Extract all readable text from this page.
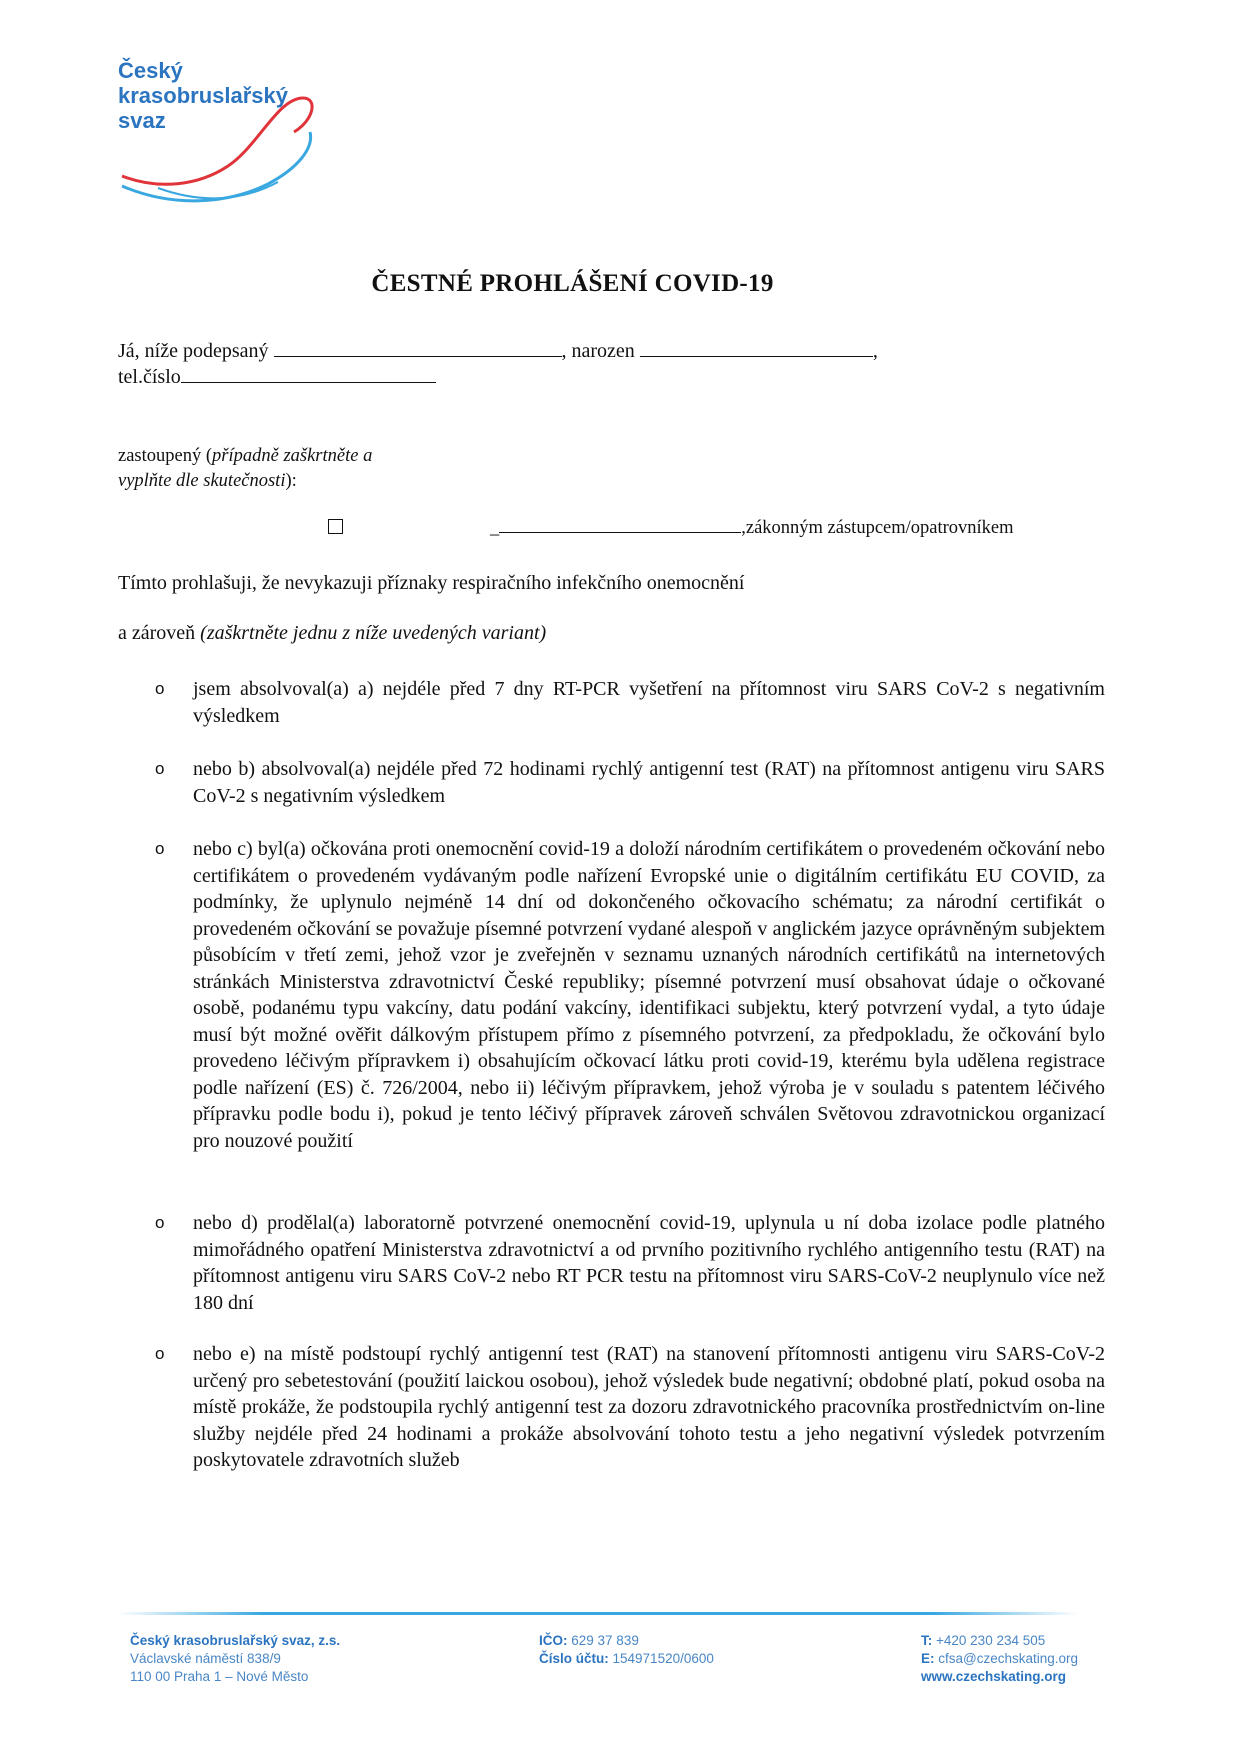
Český
krasobruslařský
svaz
ČESTNÉ PROHLÁŠENÍ COVID-19
Já, níže podepsaný	, narozen	,
tel.číslo
zastoupený (případně zaškrtněte a
vyplňte dle skutečnosti):
_	,zákonným zástupcem/opatrovníkem
Tímto prohlašuji, že nevykazuji příznaky respiračního infekčního onemocnění
a zároveň (zaškrtněte jednu z níže uvedených variant)
o jsem absolvoval(a) a) nejdéle před 7 dny RT-PCR vyšetření na přítomnost viru SARS CoV-2 s negativním výsledkem
o nebo b) absolvoval(a) nejdéle před 72 hodinami rychlý antigenní test (RAT) na přítomnost antigenu viru SARS CoV-2 s negativním výsledkem
o nebo c) byl(a) očkována proti onemocnění covid-19 a doloží národním certifikátem o provedeném očkování nebo certifikátem o provedeném vydávaným podle nařízení Evropské unie o digitálním certifikátu EU COVID, za podmínky, že uplynulo nejméně 14 dní od dokončeného očkovacího schématu; za národní certifikát o provedeném očkování se považuje písemné potvrzení vydané alespoň v anglickém jazyce oprávněným subjektem působícím v třetí zemi, jehož vzor je zveřejněn v seznamu uznaných národních certifikátů na internetových stránkách Ministerstva zdravotnictví České republiky; písemné potvrzení musí obsahovat údaje o očkované osobě, podanému typu vakcíny, datu podání vakcíny, identifikaci subjektu, který potvrzení vydal, a tyto údaje musí být možné ověřit dálkovým přístupem přímo z písemného potvrzení, za předpokladu, že očkování bylo provedeno léčivým přípravkem i) obsahujícím očkovací látku proti covid-19, kterému byla udělena registrace podle nařízení (ES) č. 726/2004, nebo ii) léčivým přípravkem, jehož výroba je v souladu s patentem léčivého přípravku podle bodu i), pokud je tento léčivý přípravek zároveň schválen Světovou zdravotnickou organizací pro nouzové použití
o nebo d) prodělal(a) laboratorně potvrzené onemocnění covid-19, uplynula u ní doba izolace podle platného mimořádného opatření Ministerstva zdravotnictví a od prvního pozitivního rychlého antigenního testu (RAT) na přítomnost antigenu viru SARS CoV-2 nebo RT PCR testu na přítomnost viru SARS-CoV-2 neuplynulo více než 180 dní
o nebo e) na místě podstoupí rychlý antigenní test (RAT) na stanovení přítomnosti antigenu viru SARS-CoV-2 určený pro sebetestování (použití laickou osobou), jehož výsledek bude negativní; obdobné platí, pokud osoba na místě prokáže, že podstoupila rychlý antigenní test za dozoru zdravotnického pracovníka prostřednictvím on-line služby nejdéle před 24 hodinami a prokáže absolvování tohoto testu a jeho negativní výsledek potvrzením poskytovatele zdravotních služeb
Český krasobruslařský svaz, z.s.
Václavské náměstí 838/9
110 00 Praha 1 – Nové Město
IČO: 629 37 839
Číslo účtu: 154971520/0600
T: +420 230 234 505
E: cfsa@czechskating.org
www.czechskating.org
